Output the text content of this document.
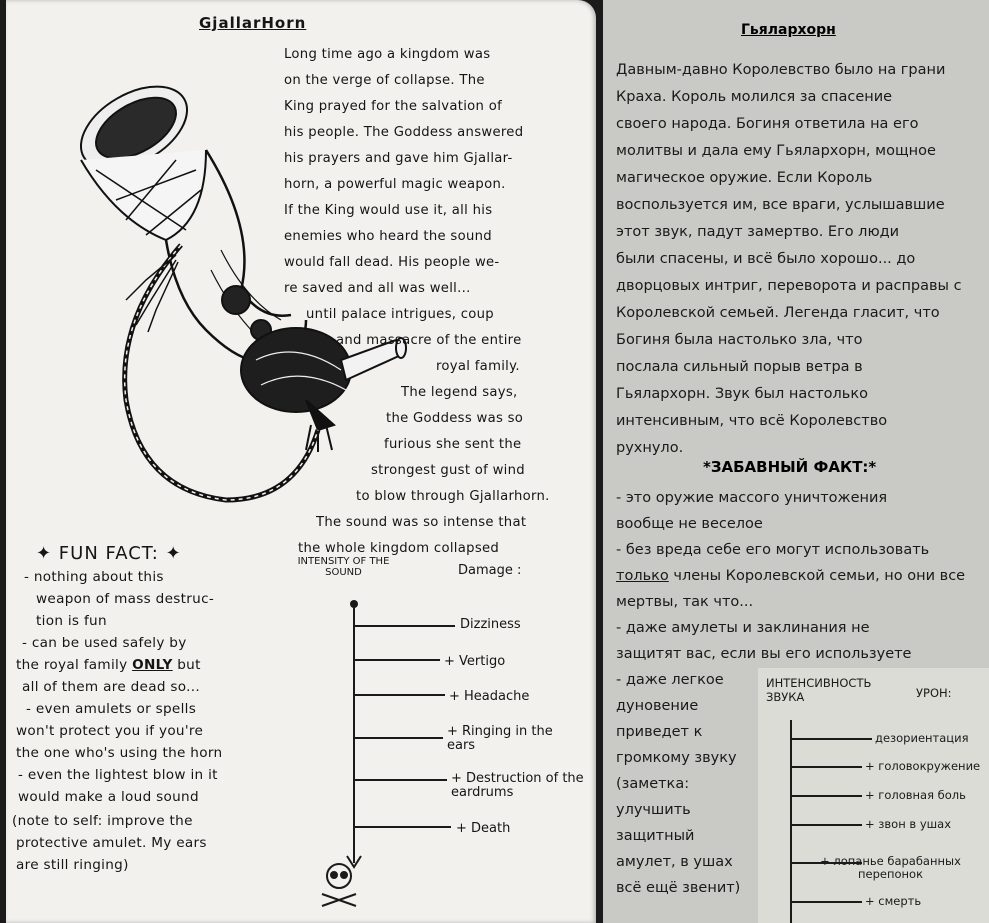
GjallarHorn
Long time ago a kingdom was
on the verge of collapse. The
King prayed for the salvation of
his people. The Goddess answered
his prayers and gave him Gjallar-
horn, a powerful magic weapon.
If the King would use it, all his
enemies who heard the sound
would fall dead. His people we-
re saved and all was well...
until palace intrigues, coup
and massacre of the entire
royal family.
The legend says,
the Goddess was so
furious she sent the
strongest gust of wind
to blow through Gjallarhorn.
The sound was so intense that
the whole kingdom collapsed
✦ FUN FACT: ✦
- nothing about this
weapon of mass destruc-
tion is fun
- can be used safely by
the royal family ONLY but
all of them are dead so...
- even amulets or spells
won't protect you if you're
the one who's using the horn
- even the lightest blow in it
would make a loud sound
(note to self: improve the
protective amulet. My ears
are still ringing)
INTENSITY OF THE SOUND	Damage :
Dizziness
+ Vertigo
+ Headache
+ Ringing in the ears
+ Destruction of the eardrums
+ Death
Гьялархорн
Давным-давно Королевство было на грани
Краха. Король молился за спасение
своего народа. Богиня ответила на его
молитвы и дала ему Гьялархорн, мощное
магическое оружие. Если Король
воспользуется им, все враги, услышавшие
этот звук, падут замертво. Его люди
были спасены, и всё было хорошо... до
дворцовых интриг, переворота и расправы с
Королевской семьей. Легенда гласит, что
Богиня была настолько зла, что
послала сильный порыв ветра в
Гьялархорн. Звук был настолько
интенсивным, что всё Королевство
рухнуло.
*ЗАБАВНЫЙ ФАКТ:*
- это оружие массого уничтожения
вообще не веселое
- без вреда себе его могут использовать
только члены Королевской семьи, но они все
мертвы, так что...
- даже амулеты и заклинания не
защитят вас, если вы его используете
- даже легкое
дуновение
приведет к
громкому звуку
(заметка:
улучшить
защитный
амулет, в ушах
всё ещё звенит)
ИНТЕНСИВНОСТЬ ЗВУКА	УРОН:
дезориентация
+ головокружение
+ головная боль
+ звон в ушах
+ лопанье барабанных перепонок
+ смерть
